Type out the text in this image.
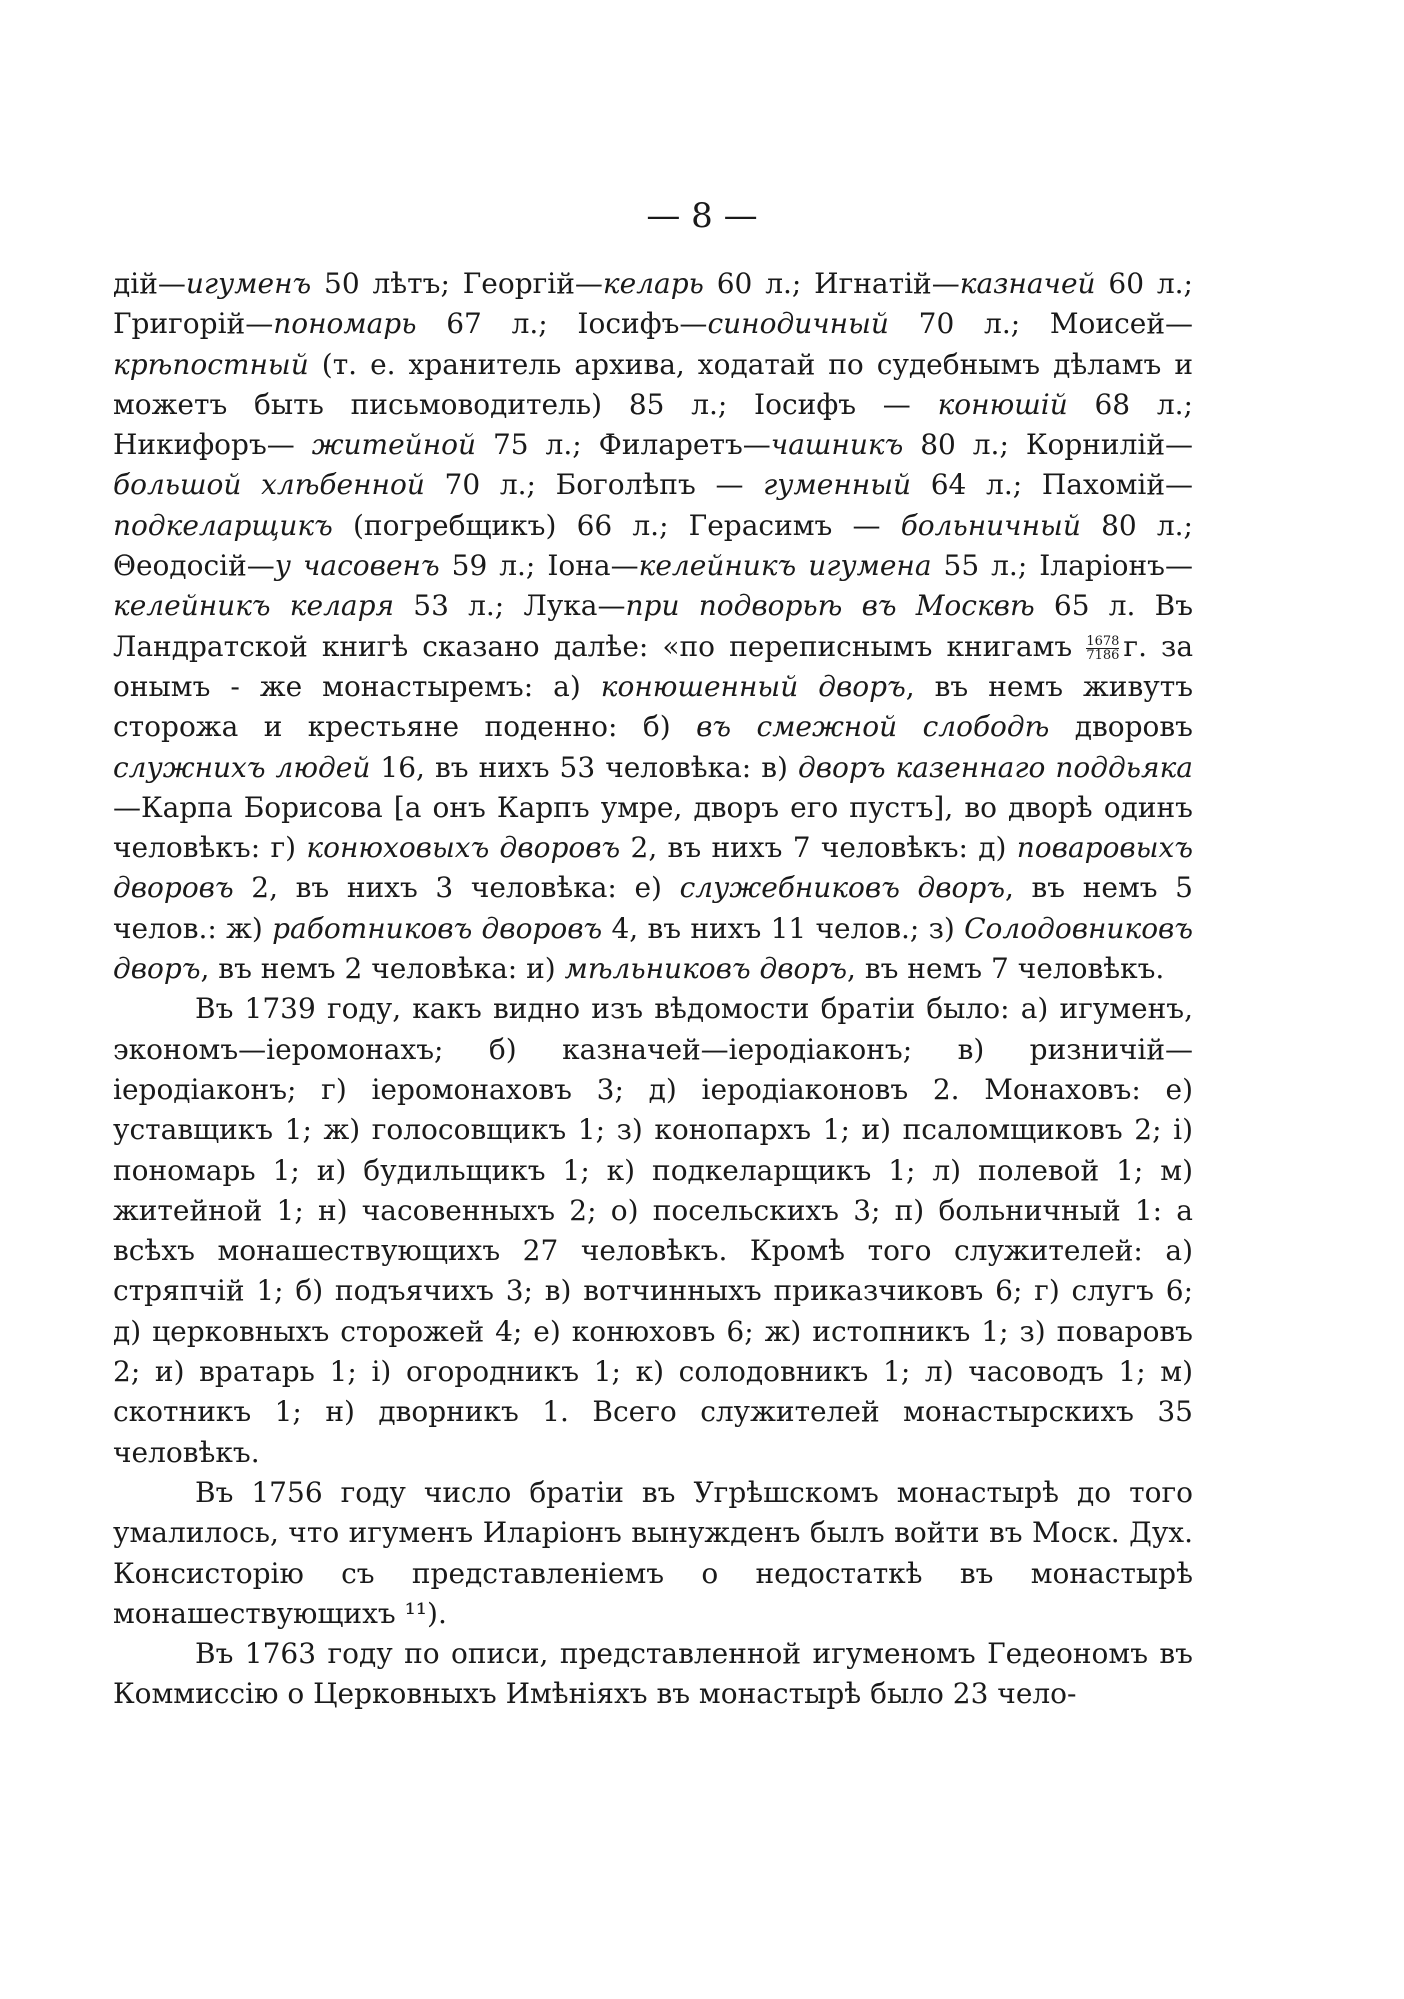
— 8 —

дій—игуменъ 50 лѣтъ; Георгій—келарь 60 л.; Игнатій—казначей 60 л.; Григорій—пономарь 67 л.; Іосифъ—синодичный 70 л.; Моисей—крѣпостный (т. е. хранитель архива, ходатай по судебнымъ дѣламъ и можетъ быть письмоводитель) 85 л.; Іосифъ — конюшій 68 л.; Никифоръ— житейной 75 л.; Филаретъ—чашникъ 80 л.; Корнилій—большой хлѣбенной 70 л.; Боголѣпъ — гуменный 64 л.; Пахомій—подкеларщикъ (погребщикъ) 66 л.; Герасимъ — больничный 80 л.; Θеодосій—у часовенъ 59 л.; Іона—келейникъ игумена 55 л.; Іларіонъ—келейникъ келаря 53 л.; Лука—при подворьѣ въ Москвѣ 65 л. Въ Ландратской книгѣ сказано далѣе: «по переписнымъ книгамъ $\frac{1678}{7186} г$. за онымъ - же монастыремъ: а) конюшенный дворъ, въ немъ живутъ сторожа и крестьяне поденно: б) въ смежной слободѣ дворовъ служнихъ людей 16, въ нихъ 53 человѣка: в) дворъ казеннаго поддьяка—Карпа Борисова [а онъ Карпъ умре, дворъ его пустъ], во дворѣ одинъ человѣкъ: г) конюховыхъ дворовъ 2, въ нихъ 7 человѣкъ: д) поваровыхъ дворовъ 2, въ нихъ 3 человѣка: е) служебниковъ дворъ, въ немъ 5 челов.: ж) работниковъ дворовъ 4, въ нихъ 11 челов.; з) Солодовниковъ дворъ, въ немъ 2 человѣка: и) мѣльниковъ дворъ, въ немъ 7 человѣкъ.

Въ 1739 году, какъ видно изъ вѣдомости братіи было: а) игуменъ, экономъ—іеромонахъ; б) казначей—іеродіаконъ; в) ризничій—іеродіаконъ; г) іеромонаховъ 3; д) іеродіаконовъ 2. Монаховъ: е) уставщикъ 1; ж) голосовщикъ 1; з) конопархъ 1; и) псаломщиковъ 2; і) пономарь 1; и) будильщикъ 1; к) подкеларщикъ 1; л) полевой 1; м) житейной 1; н) часовенныхъ 2; о) посельскихъ 3; п) больничный 1: а всѣхъ монашествующихъ 27 человѣкъ. Кромѣ того служителей: а) стряпчій 1; б) подъячихъ 3; в) вотчинныхъ приказчиковъ 6; г) слугъ 6; д) церковныхъ сторожей 4; е) конюховъ 6; ж) истопникъ 1; з) поваровъ 2; и) вратарь 1; і) огородникъ 1; к) солодовникъ 1; л) часоводъ 1; м) скотникъ 1; н) дворникъ 1. Всего служителей монастырскихъ 35 человѣкъ.

Въ 1756 году число братіи въ Угрѣшскомъ монастырѣ до того умалилось, что игуменъ Иларіонъ вынужденъ былъ войти въ Моск. Дух. Консисторію съ представленіемъ о недостаткѣ въ монастырѣ монашествующихъ ¹¹).

Въ 1763 году по описи, представленной игуменомъ Гедеономъ въ Коммиссію о Церковныхъ Имѣніяхъ въ монастырѣ было 23 чело-
